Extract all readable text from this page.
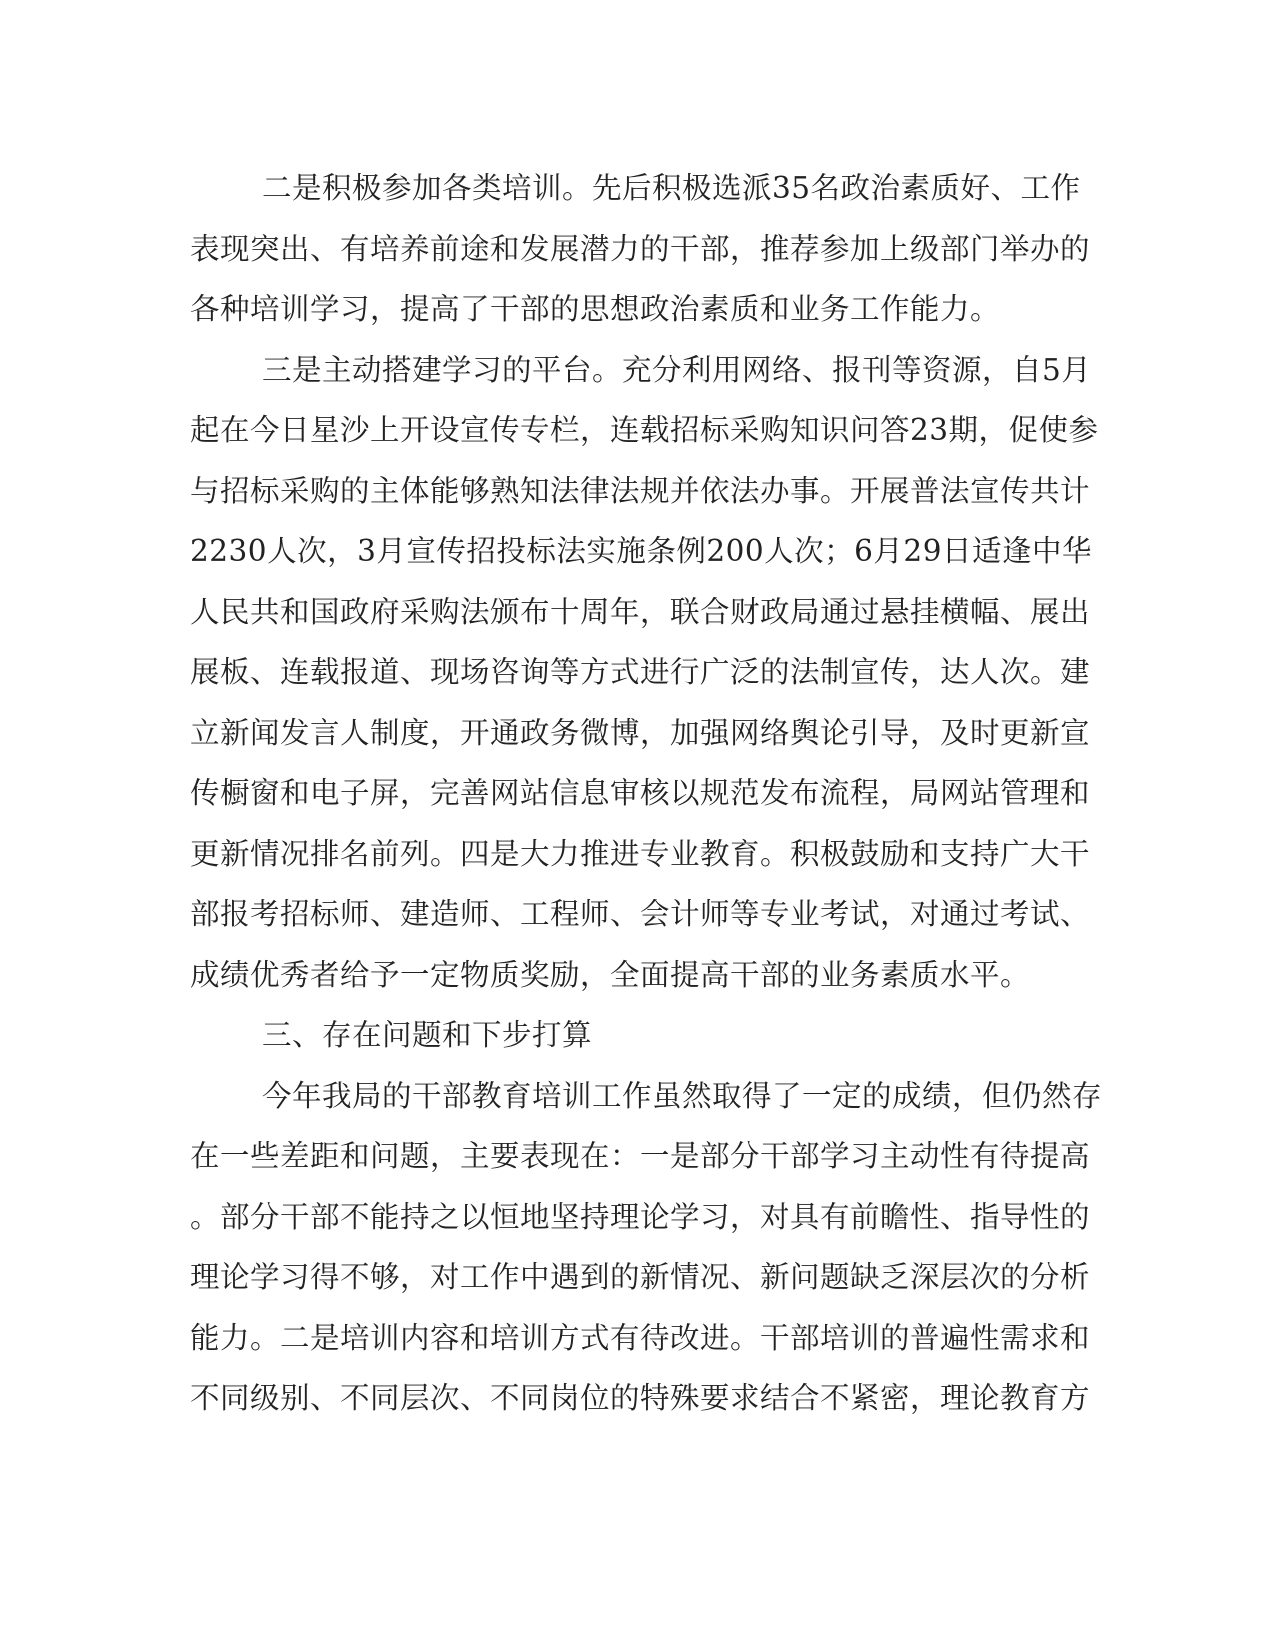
二是积极参加各类培训。先后积极选派35名政治素质好、工作
表现突出、有培养前途和发展潜力的干部，推荐参加上级部门举办的
各种培训学习，提高了干部的思想政治素质和业务工作能力。
三是主动搭建学习的平台。充分利用网络、报刊等资源，自5月
起在今日星沙上开设宣传专栏，连载招标采购知识问答23期，促使参
与招标采购的主体能够熟知法律法规并依法办事。开展普法宣传共计
2230人次，3月宣传招投标法实施条例200人次；6月29日适逢中华
人民共和国政府采购法颁布十周年，联合财政局通过悬挂横幅、展出
展板、连载报道、现场咨询等方式进行广泛的法制宣传，达人次。建
立新闻发言人制度，开通政务微博，加强网络舆论引导，及时更新宣
传橱窗和电子屏，完善网站信息审核以规范发布流程，局网站管理和
更新情况排名前列。四是大力推进专业教育。积极鼓励和支持广大干
部报考招标师、建造师、工程师、会计师等专业考试，对通过考试、
成绩优秀者给予一定物质奖励，全面提高干部的业务素质水平。
三、存在问题和下步打算
今年我局的干部教育培训工作虽然取得了一定的成绩，但仍然存
在一些差距和问题，主要表现在：一是部分干部学习主动性有待提高
。部分干部不能持之以恒地坚持理论学习，对具有前瞻性、指导性的
理论学习得不够，对工作中遇到的新情况、新问题缺乏深层次的分析
能力。二是培训内容和培训方式有待改进。干部培训的普遍性需求和
不同级别、不同层次、不同岗位的特殊要求结合不紧密，理论教育方
